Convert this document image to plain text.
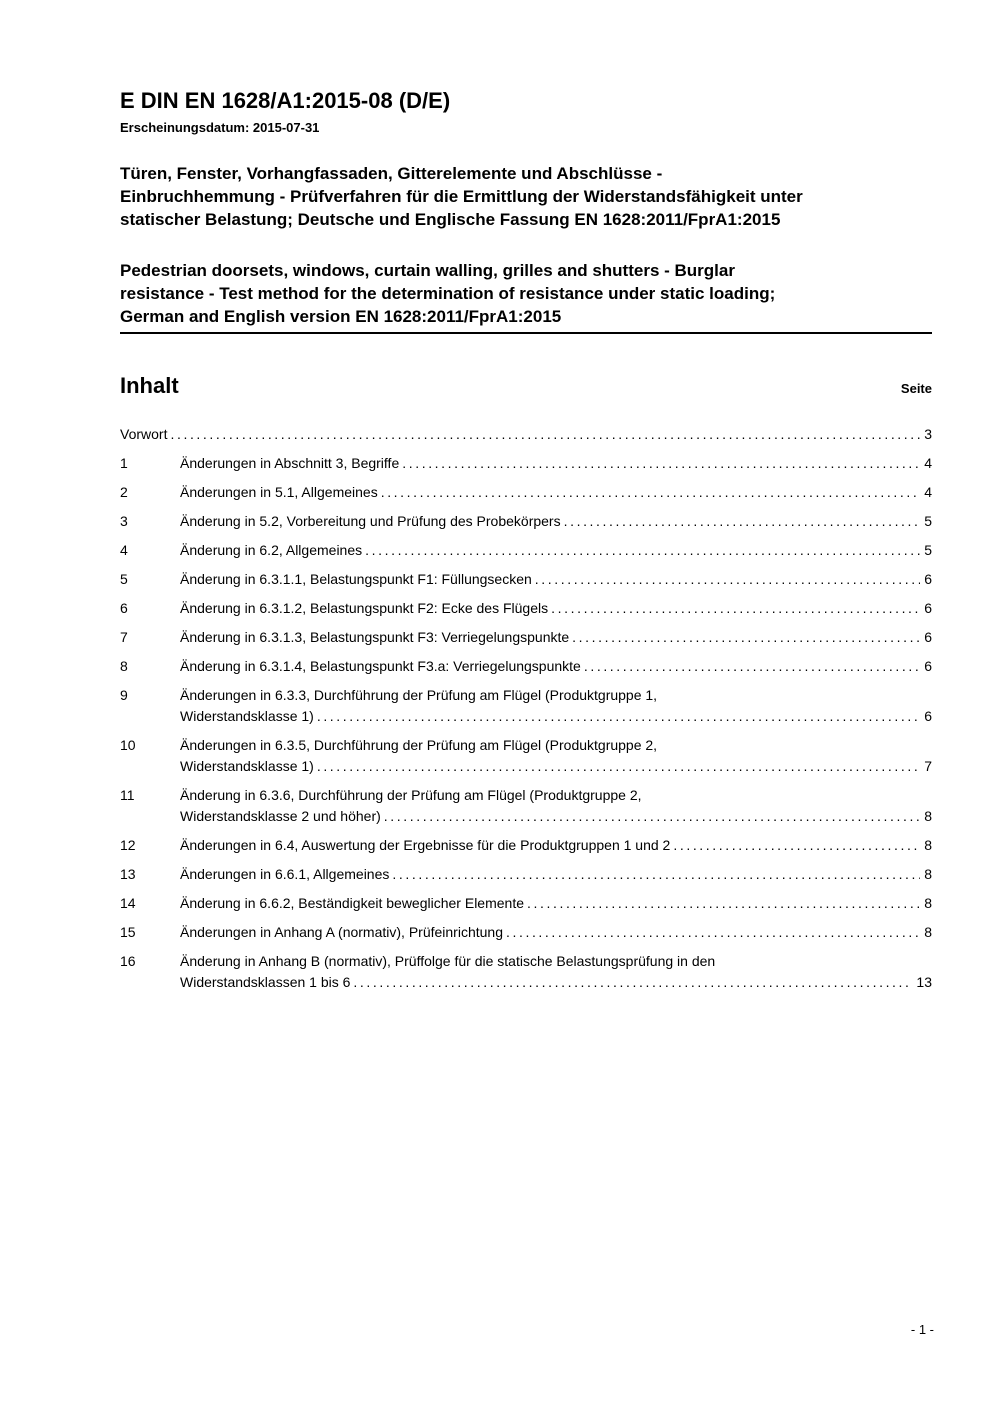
E DIN EN 1628/A1:2015-08 (D/E)
Erscheinungsdatum: 2015-07-31
Türen, Fenster, Vorhangfassaden, Gitterelemente und Abschlüsse -
Einbruchhemmung - Prüfverfahren für die Ermittlung der Widerstandsfähigkeit unter
statischer Belastung; Deutsche und Englische Fassung EN 1628:2011/FprA1:2015
Pedestrian doorsets, windows, curtain walling, grilles and shutters - Burglar
resistance - Test method for the determination of resistance under static loading;
German and English version EN 1628:2011/FprA1:2015
Inhalt	Seite
Vorwort .....	3
1	Änderungen in Abschnitt 3, Begriffe .....	4
2	Änderungen in 5.1, Allgemeines .....	4
3	Änderung in 5.2, Vorbereitung und Prüfung des Probekörpers .....	5
4	Änderung in 6.2, Allgemeines .....	5
5	Änderung in 6.3.1.1, Belastungspunkt F1: Füllungsecken .....	6
6	Änderung in 6.3.1.2, Belastungspunkt F2: Ecke des Flügels .....	6
7	Änderung in 6.3.1.3, Belastungspunkt F3: Verriegelungspunkte .....	6
8	Änderung in 6.3.1.4, Belastungspunkt F3.a: Verriegelungspunkte .....	6
9	Änderungen in 6.3.3, Durchführung der Prüfung am Flügel (Produktgruppe 1,
Widerstandsklasse 1) .....	6
10	Änderungen in 6.3.5, Durchführung der Prüfung am Flügel (Produktgruppe 2,
Widerstandsklasse 1) .....	7
11	Änderung in 6.3.6, Durchführung der Prüfung am Flügel (Produktgruppe 2,
Widerstandsklasse 2 und höher) .....	8
12	Änderungen in 6.4, Auswertung der Ergebnisse für die Produktgruppen 1 und 2 .....	8
13	Änderungen in 6.6.1, Allgemeines .....	8
14	Änderung in 6.6.2, Beständigkeit beweglicher Elemente .....	8
15	Änderungen in Anhang A (normativ), Prüfeinrichtung .....	8
16	Änderung in Anhang B (normativ), Prüffolge für die statische Belastungsprüfung in den
Widerstandsklassen 1 bis 6 .....	13
- 1 -
